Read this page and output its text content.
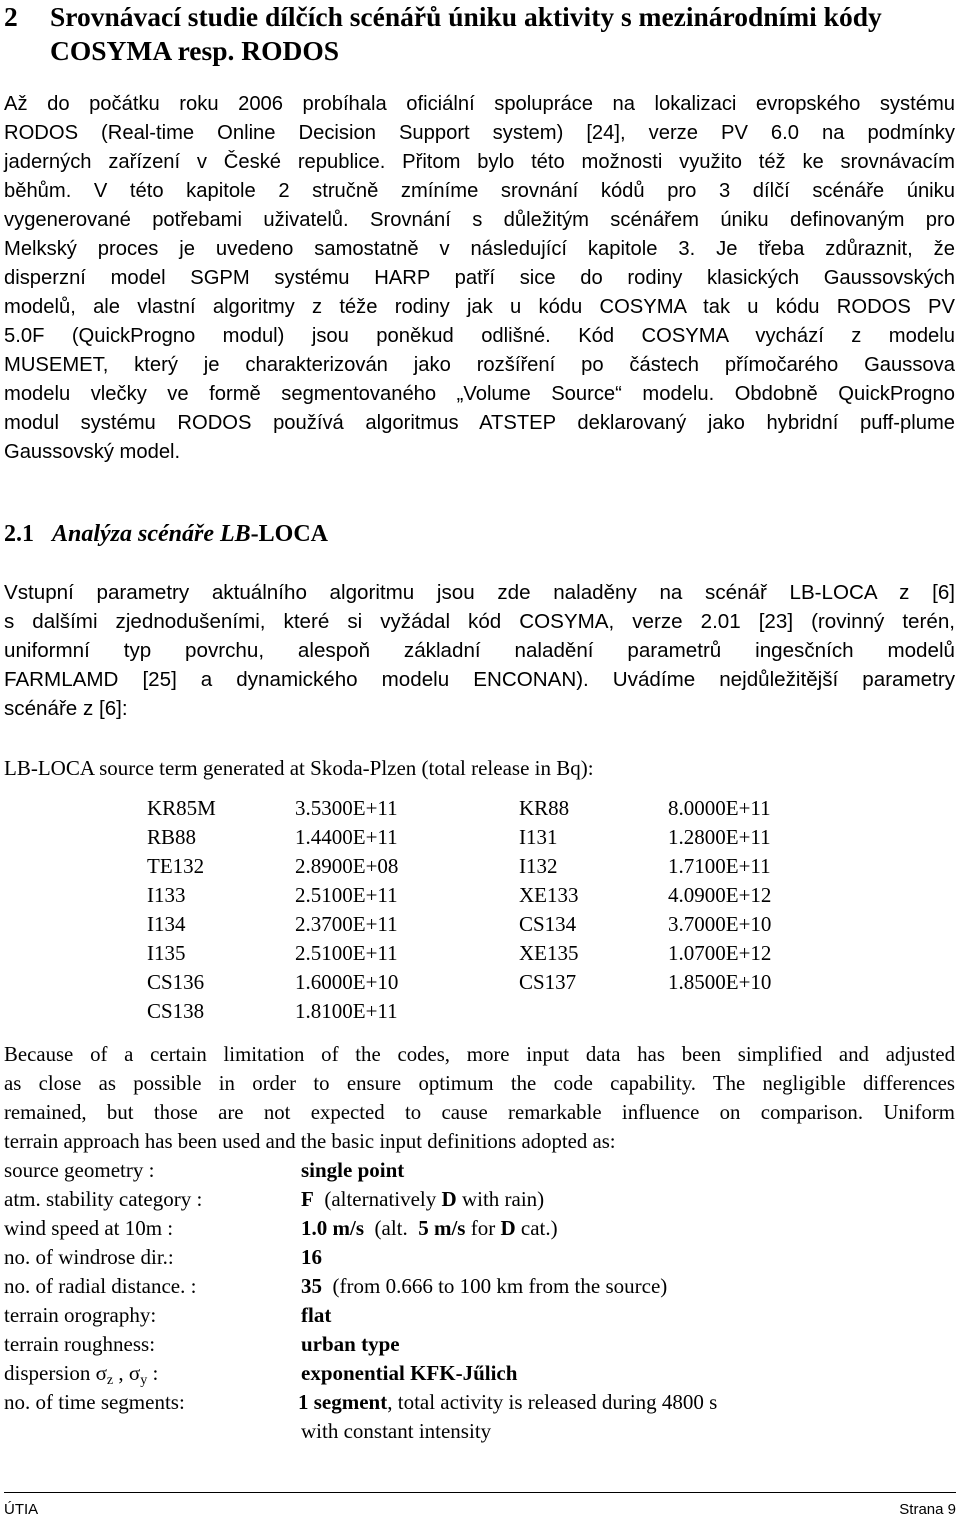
2 Srovnávací studie dílčích scénářů úniku aktivity s mezinárodními kódy COSYMA resp. RODOS
Až do počátku roku 2006 probíhala oficiální spolupráce na lokalizaci evropského systému
RODOS (Real-time Online Decision Support system) [24], verze PV 6.0 na podmínky
jaderných zařízení v České republice. Přitom bylo této možnosti využito též ke srovnávacím
běhům. V této kapitole 2 stručně zmíníme srovnání kódů pro 3 dílčí scénáře úniku
vygenerované potřebami uživatelů. Srovnání s důležitým scénářem úniku definovaným pro
Melkský proces je uvedeno samostatně v následující kapitole 3. Je třeba zdůraznit, že
disperzní model SGPM systému HARP patří sice do rodiny klasických Gaussovských
modelů, ale vlastní algoritmy z téže rodiny jak u kódu COSYMA tak u kódu RODOS PV
5.0F (QuickProgno modul) jsou poněkud odlišné. Kód COSYMA vychází z modelu
MUSEMET, který je charakterizován jako rozšíření po částech přímočarého Gaussova
modelu vlečky ve formě segmentovaného „Volume Source“ modelu. Obdobně QuickProgno
modul systému RODOS používá algoritmus ATSTEP deklarovaný jako hybridní puff-plume
Gaussovský model.
2.1 Analýza scénáře LB-LOCA
Vstupní parametry aktuálního algoritmu jsou zde naladěny na scénář LB-LOCA z [6]
s dalšími zjednodušeními, které si vyžádal kód COSYMA, verze 2.01 [23] (rovinný terén,
uniformní typ povrchu, alespoň základní naladění parametrů ingesčních modelů
FARMLAMD [25] a dynamického modelu ENCONAN). Uvádíme nejdůležitější parametry
scénáře z [6]:
LB-LOCA source term generated at Skoda-Plzen (total release in Bq):
KR85M	3.5300E+11	KR88	8.0000E+11
RB88	1.4400E+11	I131	1.2800E+11
TE132	2.8900E+08	I132	1.7100E+11
I133	2.5100E+11	XE133	4.0900E+12
I134	2.3700E+11	CS134	3.7000E+10
I135	2.5100E+11	XE135	1.0700E+12
CS136	1.6000E+10	CS137	1.8500E+10
CS138	1.8100E+11		
Because of a certain limitation of the codes, more input data has been simplified and adjusted
as close as possible in order to ensure optimum the code capability. The negligible differences
remained, but those are not expected to cause remarkable influence on comparison. Uniform
terrain approach has been used and the basic input definitions adopted as:
source geometry :	single point
atm. stability category :	F  (alternatively D with rain)
wind speed at 10m :	1.0 m/s  (alt.  5 m/s for D cat.)
no. of windrose dir.:	16
no. of radial distance. :	35  (from 0.666 to 100 km from the source)
terrain orography:	flat
terrain roughness:	urban type
dispersion $\sigma_z$ , $\sigma_y$ :	exponential KFK-Jűlich
no. of time segments:	1 segment, total activity is released during 4800 s
with constant intensity
ÚTIA	Strana 9
